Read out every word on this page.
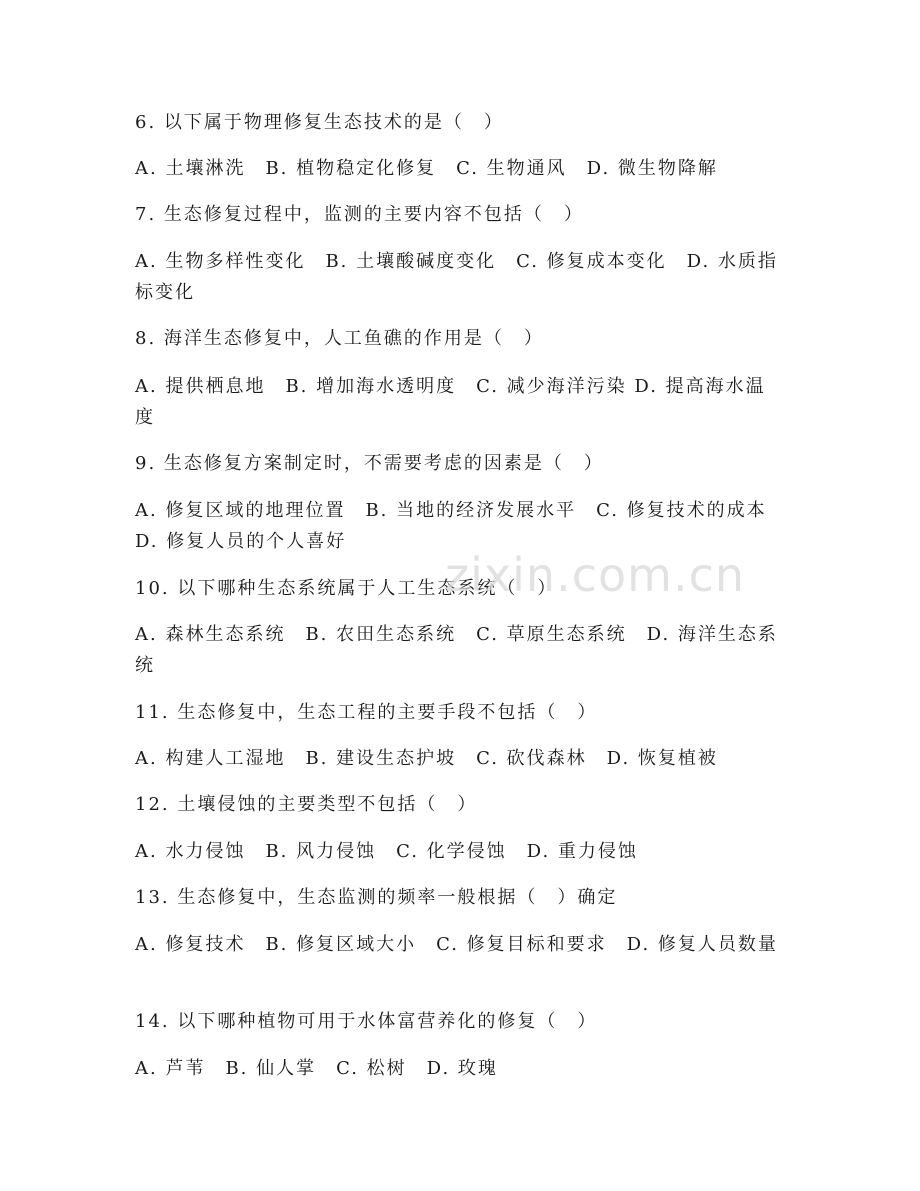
6. 以下属于物理修复生态技术的是（　）
A. 土壤淋洗　B. 植物稳定化修复　C. 生物通风　D. 微生物降解
7. 生态修复过程中，监测的主要内容不包括（　）
A. 生物多样性变化　B. 土壤酸碱度变化　C. 修复成本变化　D. 水质指标变化
8. 海洋生态修复中，人工鱼礁的作用是（　）
A. 提供栖息地　B. 增加海水透明度　C. 减少海洋污染 D. 提高海水温度
9. 生态修复方案制定时，不需要考虑的因素是（　）
A. 修复区域的地理位置　B. 当地的经济发展水平　C. 修复技术的成本　D. 修复人员的个人喜好
10. 以下哪种生态系统属于人工生态系统（　）
A. 森林生态系统　B. 农田生态系统　C. 草原生态系统　D. 海洋生态系统
11. 生态修复中，生态工程的主要手段不包括（　）
A. 构建人工湿地　B. 建设生态护坡　C. 砍伐森林　D. 恢复植被
12. 土壤侵蚀的主要类型不包括（　）
A. 水力侵蚀　B. 风力侵蚀　C. 化学侵蚀　D. 重力侵蚀
13. 生态修复中，生态监测的频率一般根据（　）确定
A. 修复技术　B. 修复区域大小　C. 修复目标和要求　D. 修复人员数量
14. 以下哪种植物可用于水体富营养化的修复（　）
A. 芦苇　B. 仙人掌　C. 松树　D. 玫瑰
zixin.com.cn
